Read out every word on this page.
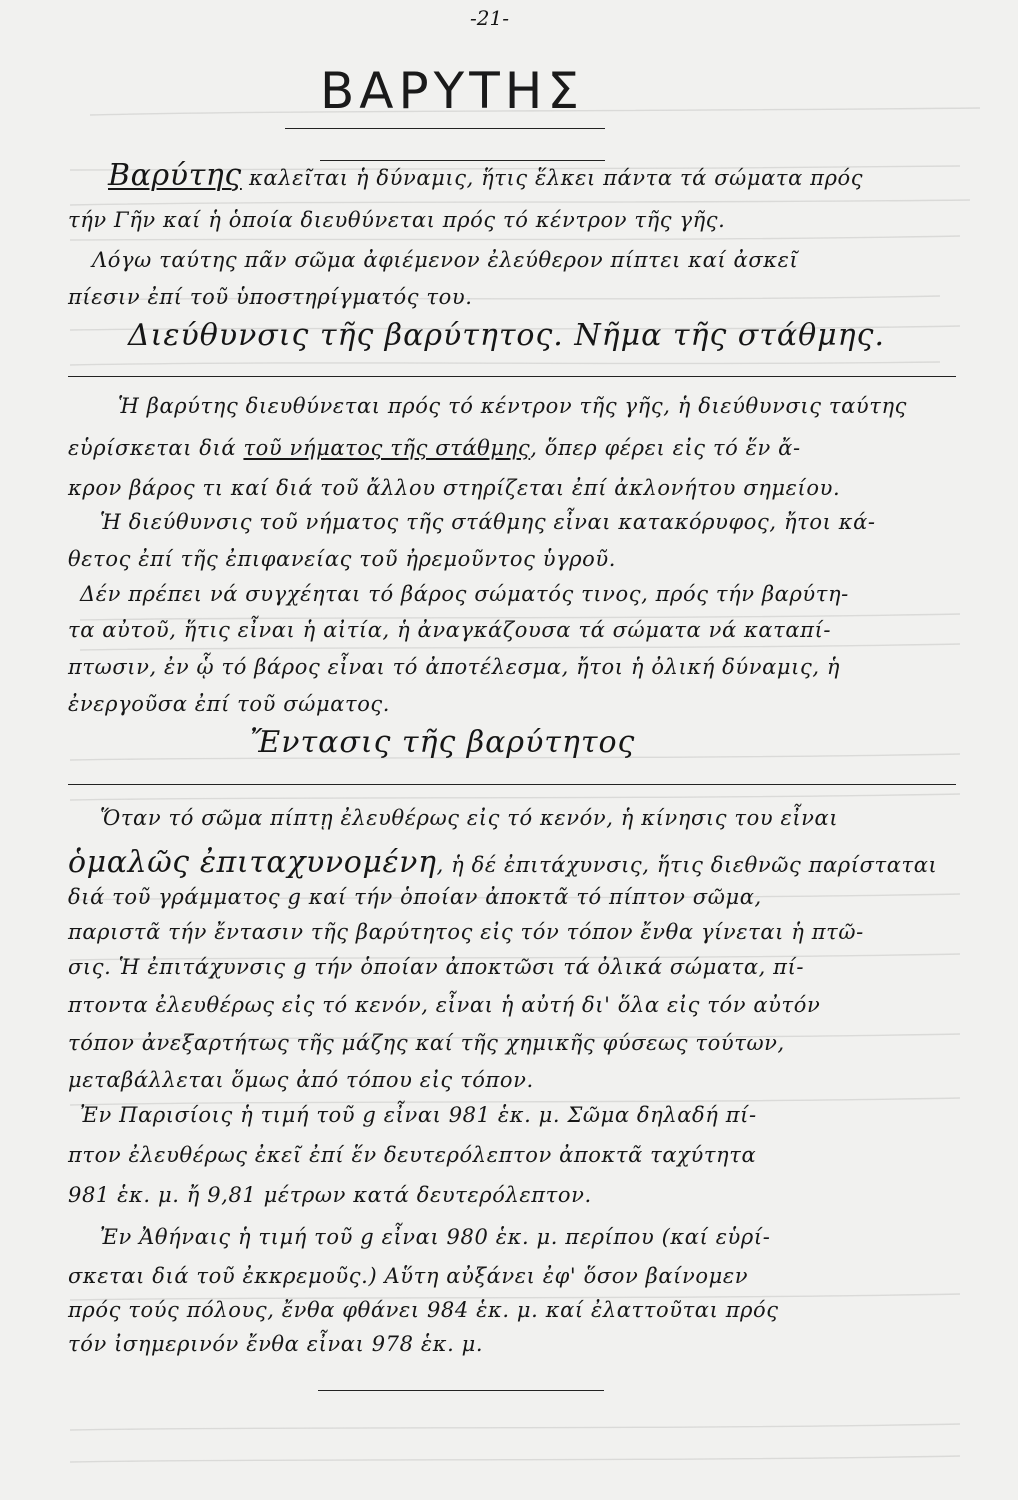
-21-
ΒΑΡΥΤΗΣ
Βαρύτης καλεῖται ἡ δύναμις, ἥτις ἕλκει πάντα τά σώματα πρός
τήν Γῆν καί ἡ ὁποία διευθύνεται πρός τό κέντρον τῆς γῆς.
Λόγω ταύτης πᾶν σῶμα ἀφιέμενον ἐλεύθερον πίπτει καί ἀσκεῖ
πίεσιν ἐπί τοῦ ὑποστηρίγματός του.
Διεύθυνσις τῆς βαρύτητος. Νῆμα τῆς στάθμης.
Ἡ βαρύτης διευθύνεται πρός τό κέντρον τῆς γῆς, ἡ διεύθυνσις ταύτης
εὑρίσκεται διά τοῦ νήματος τῆς στάθμης, ὅπερ φέρει εἰς τό ἕν ἄ-
κρον βάρος τι καί διά τοῦ ἄλλου στηρίζεται ἐπί ἀκλονήτου σημείου.
Ἡ διεύθυνσις τοῦ νήματος τῆς στάθμης εἶναι κατακόρυφος, ἤτοι κά-
θετος ἐπί τῆς ἐπιφανείας τοῦ ἠρεμοῦντος ὑγροῦ.
Δέν πρέπει νά συγχέηται τό βάρος σώματός τινος, πρός τήν βαρύτη-
τα αὐτοῦ, ἥτις εἶναι ἡ αἰτία, ἡ ἀναγκάζουσα τά σώματα νά καταπί-
πτωσιν, ἐν ᾧ τό βάρος εἶναι τό ἀποτέλεσμα, ἤτοι ἡ ὀλική δύναμις, ἡ
ἐνεργοῦσα ἐπί τοῦ σώματος.
Ἔντασις τῆς βαρύτητος
Ὅταν τό σῶμα πίπτῃ ἐλευθέρως εἰς τό κενόν, ἡ κίνησις του εἶναι
ὁμαλῶς ἐπιταχυνομένη, ἡ δέ ἐπιτάχυνσις, ἥτις διεθνῶς παρίσταται
διά τοῦ γράμματος g καί τήν ὁποίαν ἀποκτᾶ τό πίπτον σῶμα,
παριστᾶ τήν ἔντασιν τῆς βαρύτητος εἰς τόν τόπον ἔνθα γίνεται ἡ πτῶ-
σις. Ἡ ἐπιτάχυνσις g τήν ὁποίαν ἀποκτῶσι τά ὀλικά σώματα, πί-
πτοντα ἐλευθέρως εἰς τό κενόν, εἶναι ἡ αὐτή δι' ὅλα εἰς τόν αὐτόν
τόπον ἀνεξαρτήτως τῆς μάζης καί τῆς χημικῆς φύσεως τούτων,
μεταβάλλεται ὅμως ἀπό τόπου εἰς τόπον.
Ἐν Παρισίοις ἡ τιμή τοῦ g εἶναι 981 ἑκ. μ. Σῶμα δηλαδή πί-
πτον ἐλευθέρως ἐκεῖ ἐπί ἕν δευτερόλεπτον ἀποκτᾶ ταχύτητα
981 ἑκ. μ. ἤ 9,81 μέτρων κατά δευτερόλεπτον.
Ἐν Ἀθήναις ἡ τιμή τοῦ g εἶναι 980 ἑκ. μ. περίπου (καί εὑρί-
σκεται διά τοῦ ἐκκρεμοῦς.) Αὕτη αὐξάνει ἐφ' ὅσον βαίνομεν
πρός τούς πόλους, ἔνθα φθάνει 984 ἑκ. μ. καί ἐλαττοῦται πρός
τόν ἰσημερινόν ἔνθα εἶναι 978 ἑκ. μ.
